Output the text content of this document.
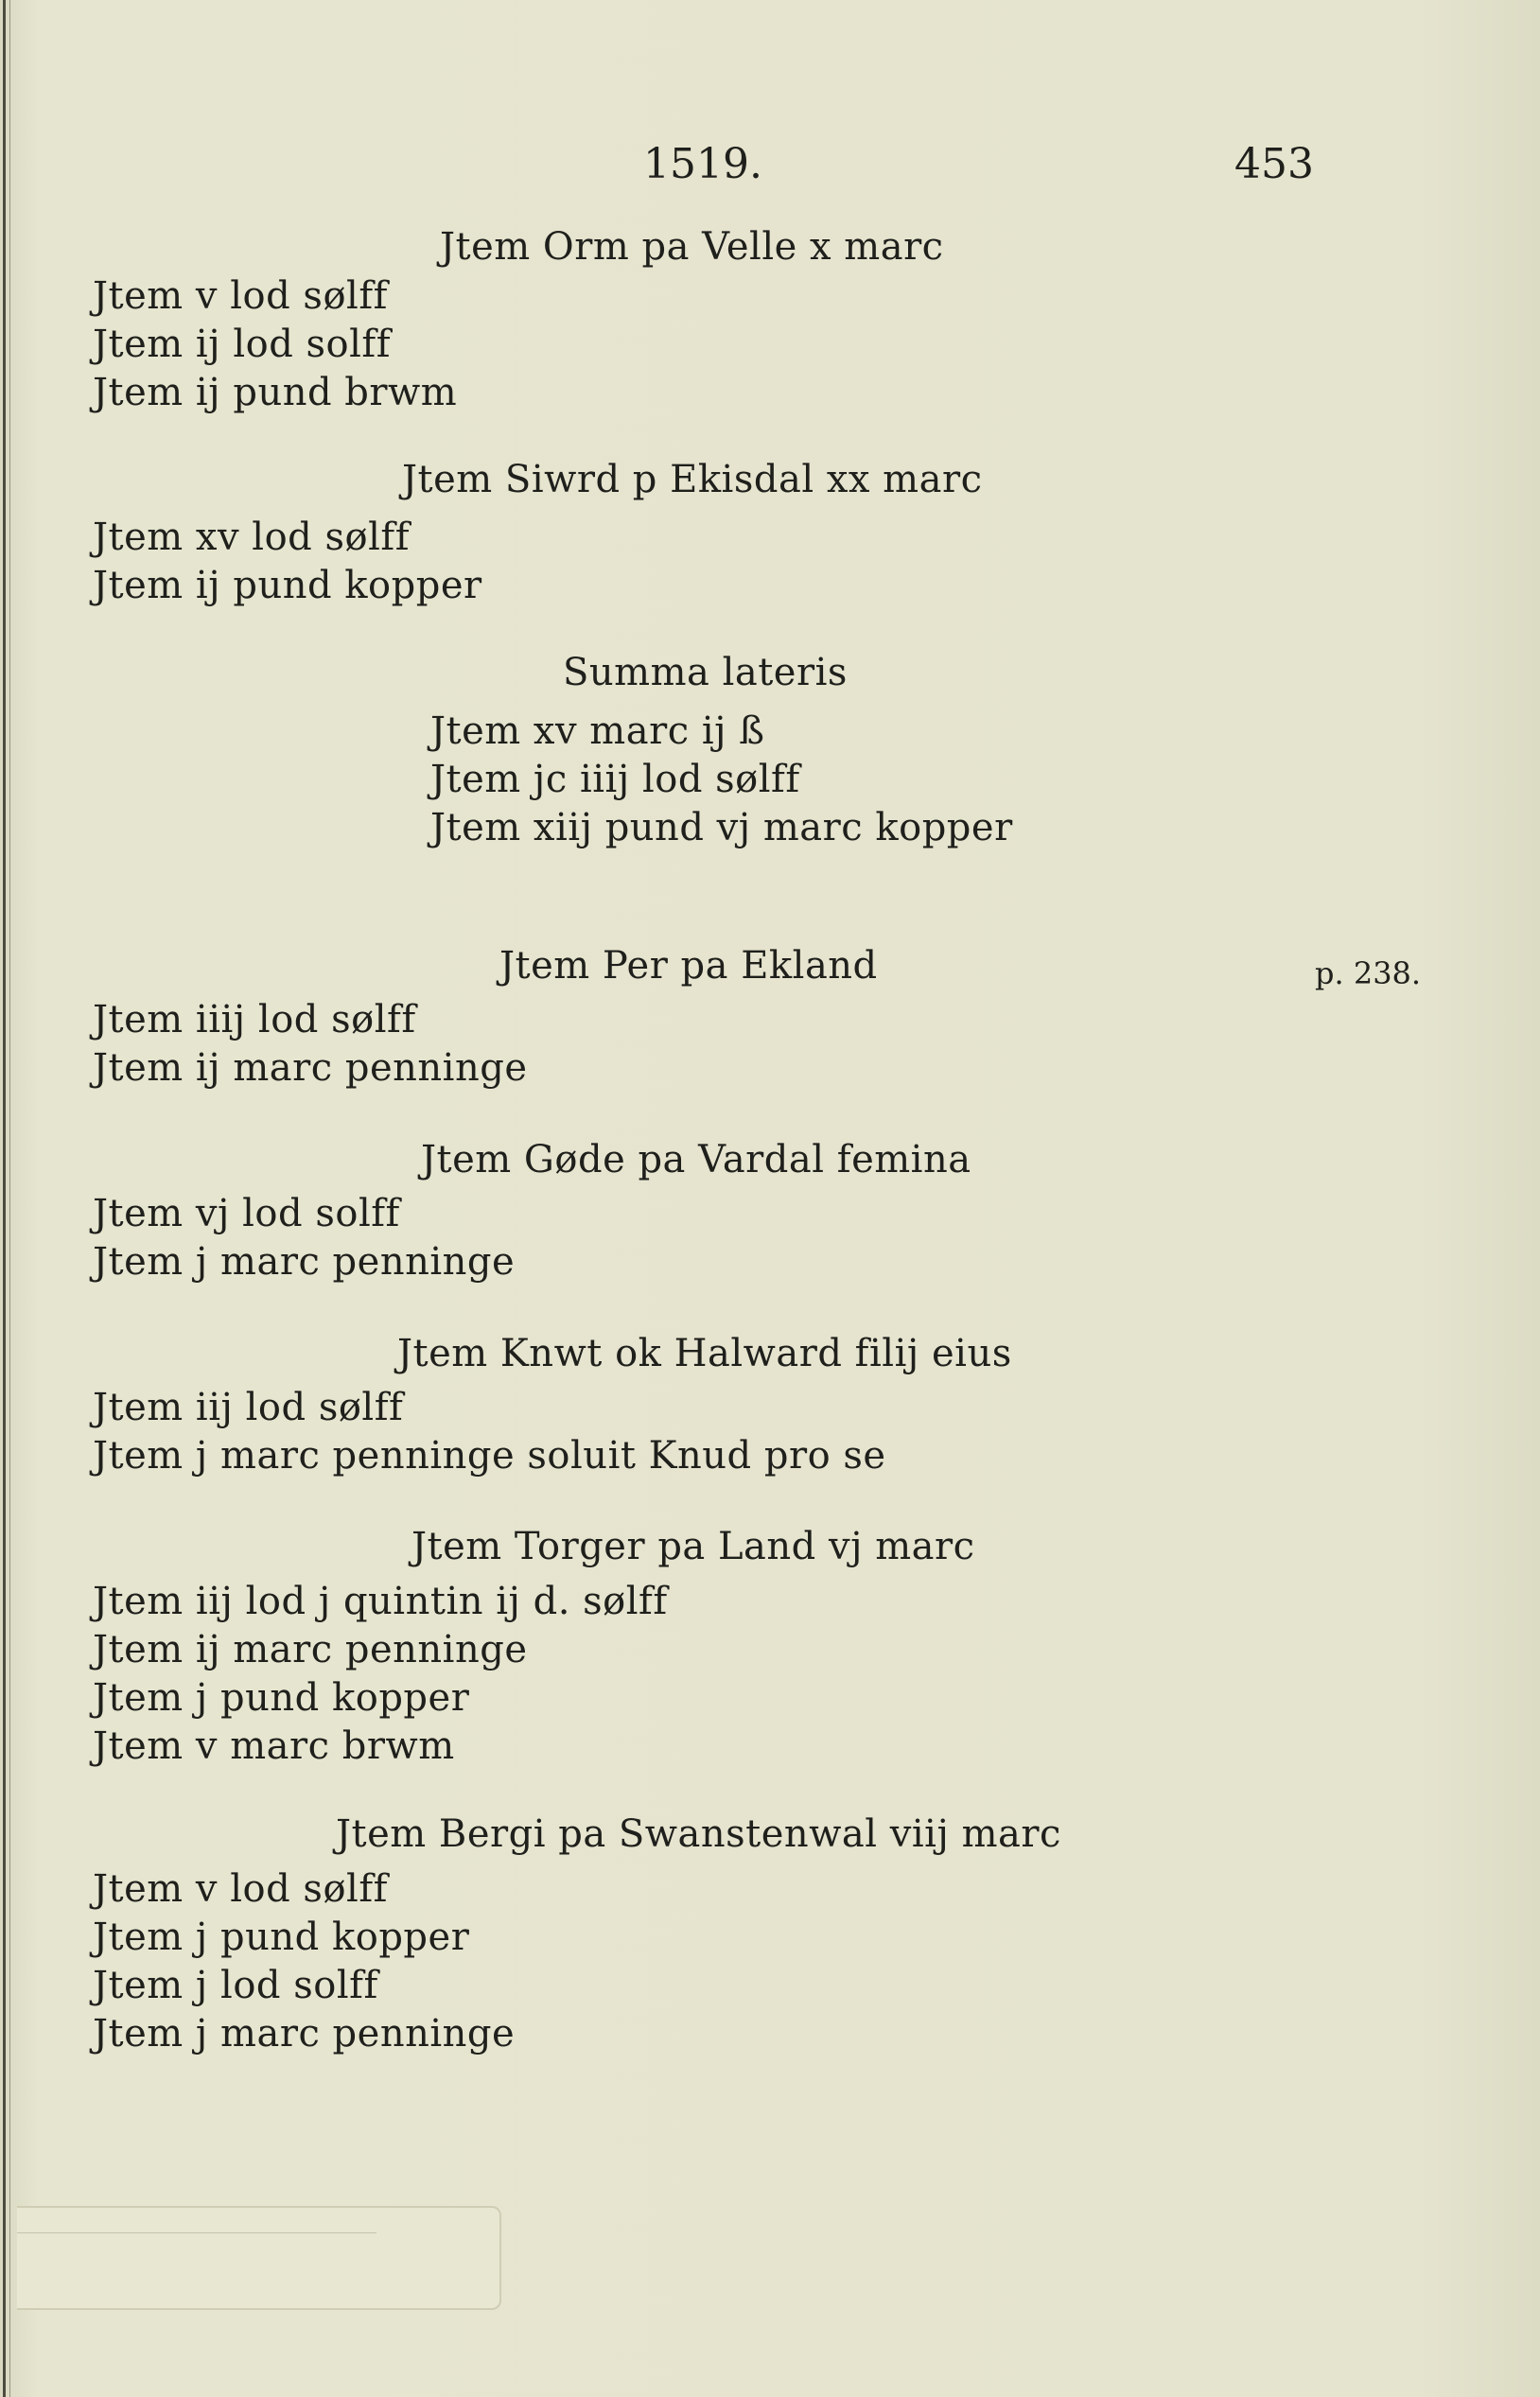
1519.	453
Jtem Orm pa Velle x marc
Jtem v lod sølff
Jtem ij lod solff
Jtem ij pund brwm
Jtem Siwrd p Ekisdal xx marc
Jtem xv lod sølff
Jtem ij pund kopper
Summa lateris
Jtem xv marc ij ß
Jtem jc iiij lod sølff
Jtem xiij pund vj marc kopper
p. 238.
Jtem Per pa Ekland
Jtem iiij lod sølff
Jtem ij marc penninge
Jtem Gøde pa Vardal femina
Jtem vj lod solff
Jtem j marc penninge
Jtem Knwt ok Halward filij eius
Jtem iij lod sølff
Jtem j marc penninge soluit Knud pro se
Jtem Torger pa Land vj marc
Jtem iij lod j quintin ij d. sølff
Jtem ij marc penninge
Jtem j pund kopper
Jtem v marc brwm
Jtem Bergi pa Swanstenwal viij marc
Jtem v lod sølff
Jtem j pund kopper
Jtem j lod solff
Jtem j marc penninge
